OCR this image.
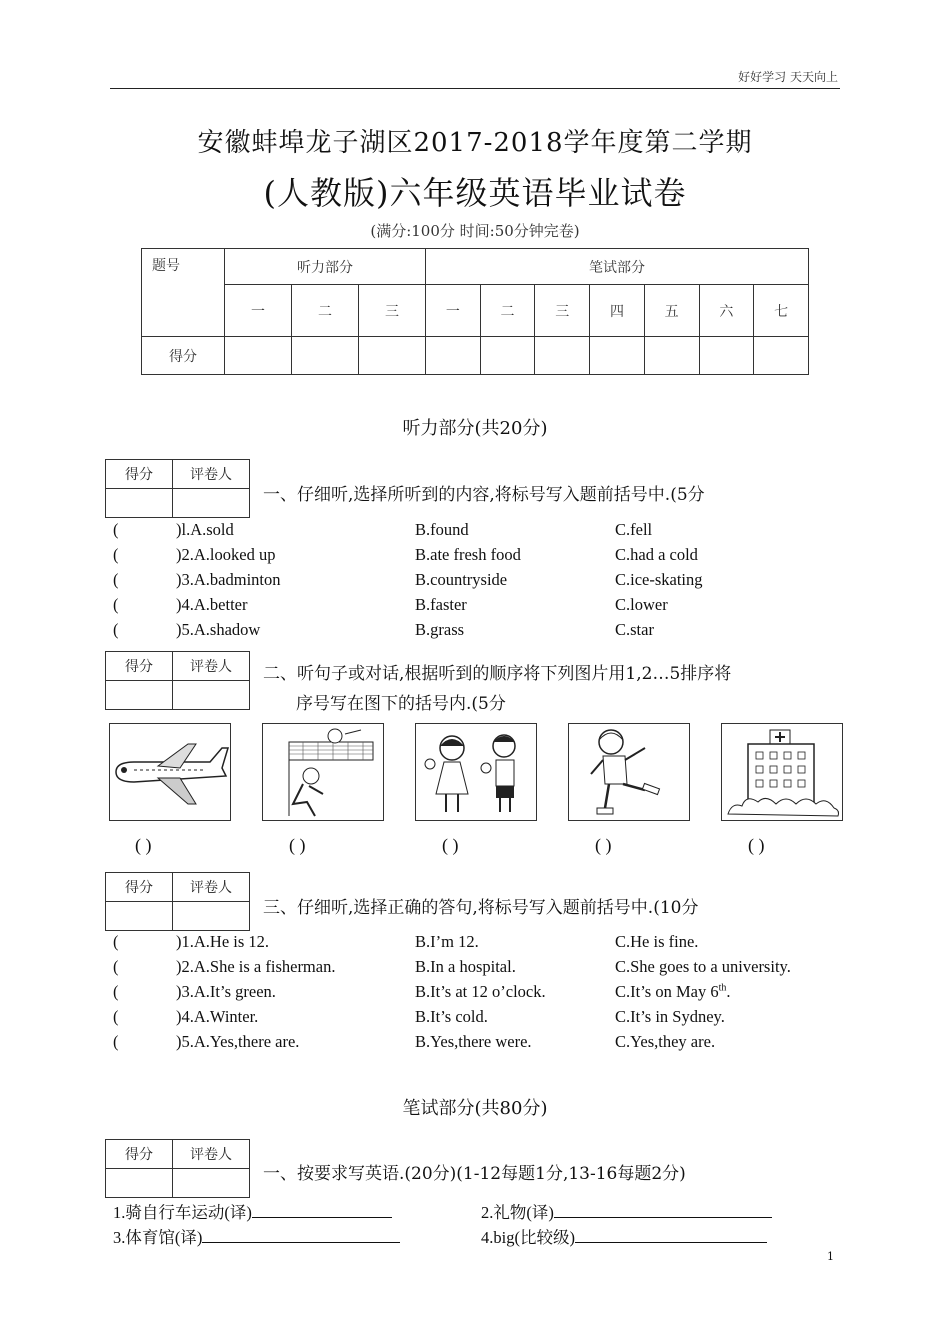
好好学习 天天向上
安徽蚌埠龙子湖区2017-2018学年度第二学期
(人教版)六年级英语毕业试卷
(满分:100分 时间:50分钟完卷)
题号	听力部分			笔试部分						
	一	二	三	一	二	三	四	五	六	七
得分										
听力部分(共20分)
得分	评卷人

一、仔细听,选择所听到的内容,将标号写入题前括号中.(5分
(	)l.A.sold	B.found	C.fell
(	)2.A.looked up	B.ate fresh food	C.had a cold
(	)3.A.badminton	B.countryside	C.ice-skating
(	)4.A.better	B.faster	C.lower
(	)5.A.shadow	B.grass	C.star
得分	评卷人
	二、听句子或对话,根据听到的顺序将下列图片用1,2…5排序将
序号写在图下的括号内.(5分
( )	( )	( )	( )	( )
得分	评卷人

三、仔细听,选择正确的答句,将标号写入题前括号中.(10分
(	)1.A.He is 12.	B.I’m 12.	C.He is fine.
(	)2.A.She is a fisherman.	B.In a hospital.	C.She goes to a university.
(	)3.A.It’s green.	B.It’s at 12 o’clock.	C.It’s on May 6th.
(	)4.A.Winter.	B.It’s cold.	C.It’s in Sydney.
(	)5.A.Yes,there are.	B.Yes,there were.	C.Yes,they are.
笔试部分(共80分)
得分	评卷人

一、按要求写英语.(20分)(1-12每题1分,13-16每题2分)
1.骑自行车运动(译)	2.礼物(译)
3.体育馆(译)	4.big(比较级)
1
